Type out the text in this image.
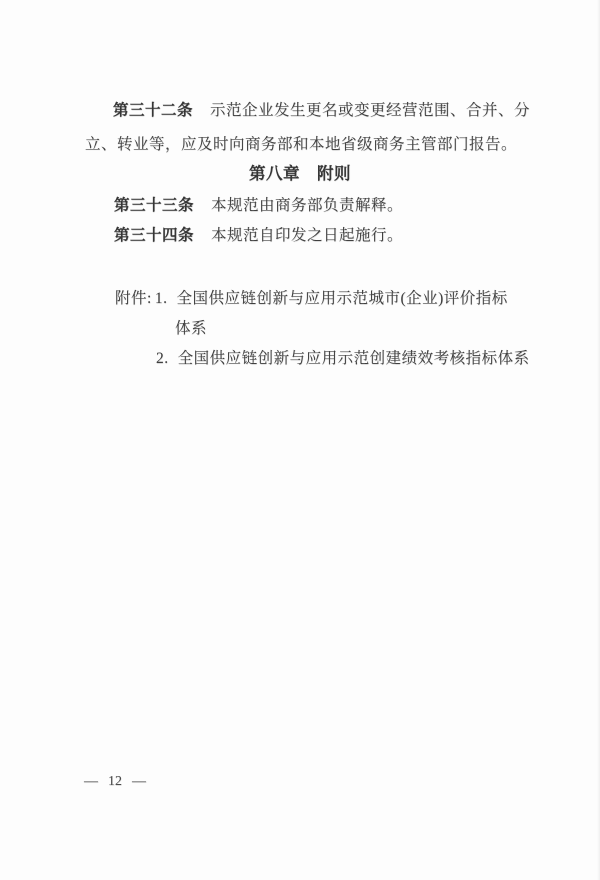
第三十二条 示范企业发生更名或变更经营范围、合并、分
立、转业等，应及时向商务部和本地省级商务主管部门报告。
第八章　附则
第三十三条 本规范由商务部负责解释。
第三十四条 本规范自印发之日起施行。
附件: 1. 全国供应链创新与应用示范城市(企业)评价指标
体系
2. 全国供应链创新与应用示范创建绩效考核指标体系
— 12 —
